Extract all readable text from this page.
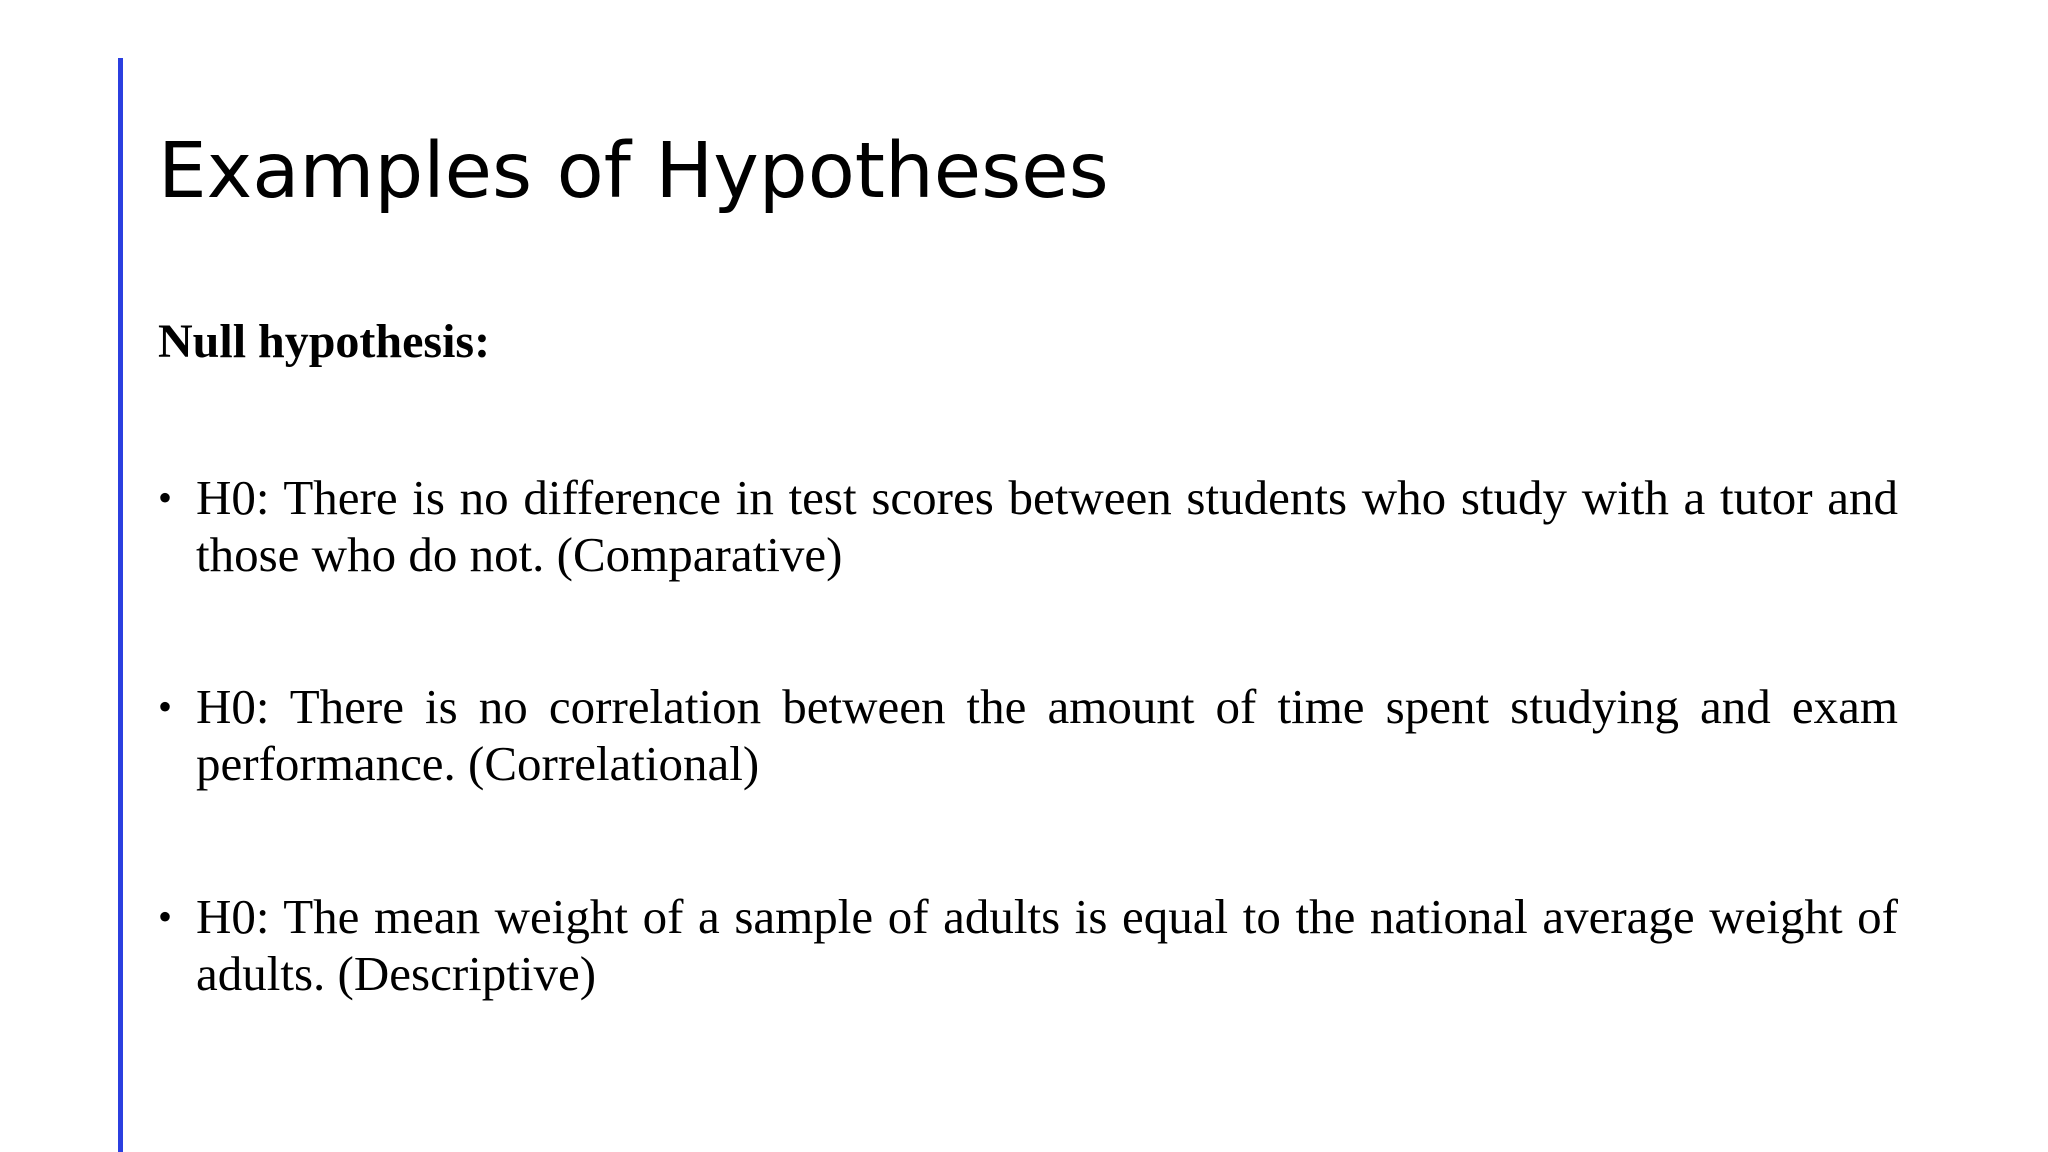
Examples of Hypotheses
Null hypothesis:
• H0: There is no difference in test scores between students who study with a tutor and those who do not. (Comparative)
• H0: There is no correlation between the amount of time spent studying and exam performance. (Correlational)
• H0: The mean weight of a sample of adults is equal to the national average weight of adults. (Descriptive)
